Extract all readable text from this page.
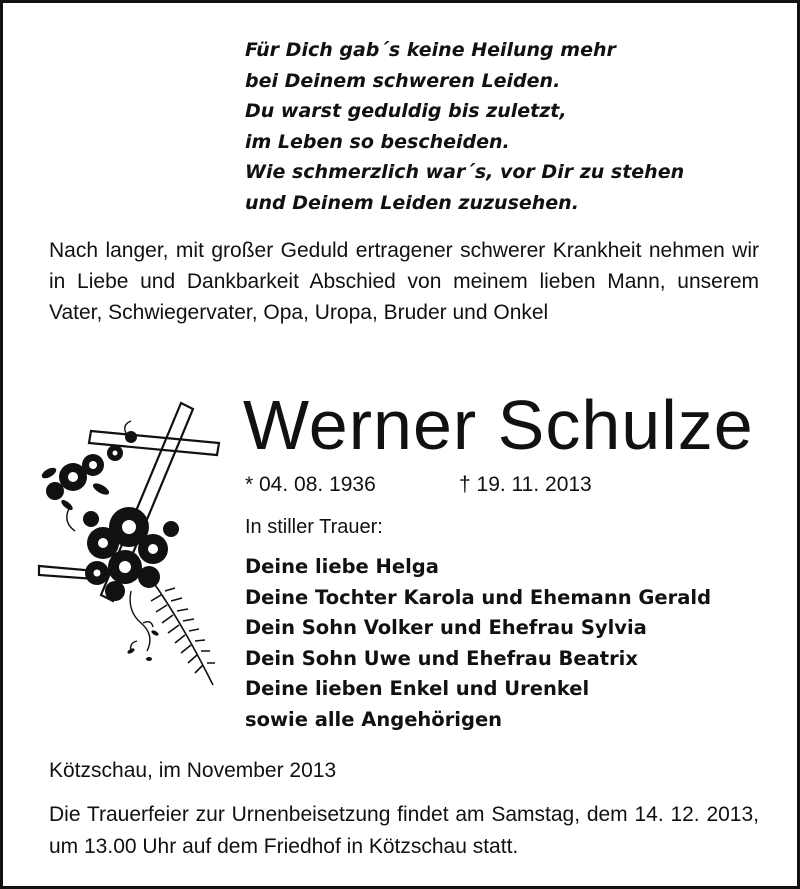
Für Dich gab´s keine Heilung mehr
bei Deinem schweren Leiden.
Du warst geduldig bis zuletzt,
im Leben so bescheiden.
Wie schmerzlich war´s, vor Dir zu stehen
und Deinem Leiden zuzusehen.
Nach langer, mit großer Geduld ertragener schwerer Krankheit nehmen wir in Liebe und Dankbarkeit Abschied von meinem lieben Mann, unserem Vater, Schwiegervater, Opa, Uropa, Bruder und Onkel
Werner Schulze
* 04. 08. 1936	† 19. 11. 2013
In stiller Trauer:
Deine liebe Helga
Deine Tochter Karola und Ehemann Gerald
Dein Sohn Volker und Ehefrau Sylvia
Dein Sohn Uwe und Ehefrau Beatrix
Deine lieben Enkel und Urenkel
sowie alle Angehörigen
Kötzschau, im November 2013
Die Trauerfeier zur Urnenbeisetzung findet am Samstag, dem 14. 12. 2013, um 13.00 Uhr auf dem Friedhof in Kötzschau statt.
